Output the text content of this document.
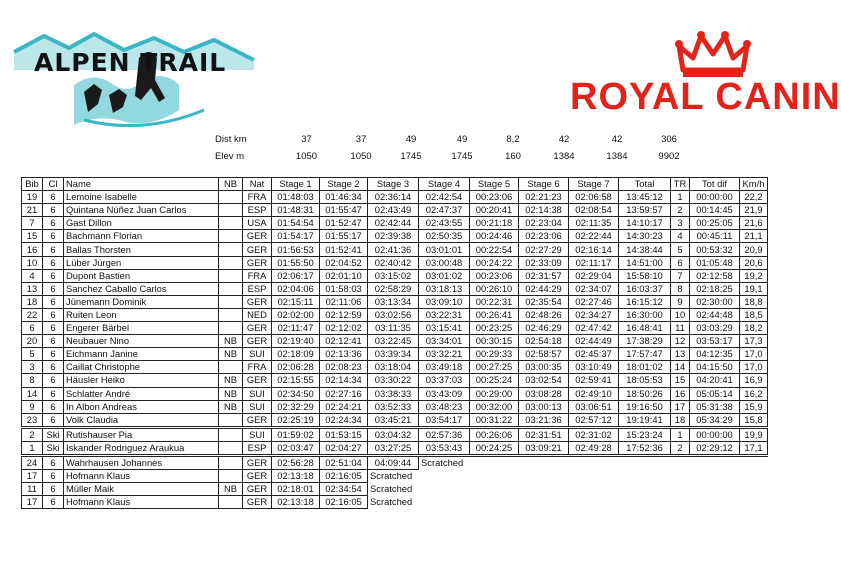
ALPEN TRAIL
ROYAL CANIN
Dist km	37	37	49	49	8,2	42	42	306
Elev m	1050	1050	1745	1745	160	1384	1384	9902
Bib	Cl	Name	NB	Nat	Stage 1	Stage 2	Stage 3	Stage 4	Stage 5	Stage 6	Stage 7	Total	TR	Tot dif	Km/h
19	6	Lemoine Isabelle		FRA	01:48:03	01:46:34	02:36:14	02:42:54	00:23:06	02:21:23	02:06:58	13:45:12	1	00:00:00	22,2
21	6	Quintana Núñez Juan Carlos		ESP	01:48:31	01:55:47	02:43:49	02:47:37	00:20:41	02:14:38	02:08:54	13:59:57	2	00:14:45	21,9
7	6	Gast Dillon		USA	01:54:54	01:52:47	02:42:44	02:43:55	00:21:18	02:23:04	02:11:35	14:10:17	3	00:25:05	21,6
15	6	Bachmann Florian		GER	01:54:17	01:55:17	02:39:38	02:50:35	00:24:46	02:23:06	02:22:44	14:30:23	4	00:45:11	21,1
16	6	Ballas Thorsten		GER	01:56:53	01:52:41	02:41:36	03:01:01	00:22:54	02:27:29	02:16:14	14:38:44	5	00:53:32	20,9
10	6	Lüber Jürgen		GER	01:55:50	02:04:52	02:40:42	03:00:48	00:24:22	02:33:09	02:11:17	14:51:00	6	01:05:48	20,6
4	6	Dupont Bastien		FRA	02:06:17	02:01:10	03:15:02	03:01:02	00:23:06	02:31:57	02:29:04	15:58:10	7	02:12:58	19,2
13	6	Sanchez Caballo Carlos		ESP	02:04:06	01:58:03	02:58:29	03:18:13	00:26:10	02:44:29	02:34:07	16:03:37	8	02:18:25	19,1
18	6	Jünemann Dominik		GER	02:15:11	02:11:06	03:13:34	03:09:10	00:22:31	02:35:54	02:27:46	16:15:12	9	02:30:00	18,8
22	6	Ruiten Leon		NED	02:02:00	02:12:59	03:02:56	03:22:31	00:26:41	02:48:26	02:34:27	16:30:00	10	02:44:48	18,5
6	6	Engerer Bärbel		GER	02:11:47	02:12:02	03:11:35	03:15:41	00:23:25	02:46:29	02:47:42	16:48:41	11	03:03:29	18,2
20	6	Neubauer Nino	NB	GER	02:19:40	02:12:41	03:22:45	03:34:01	00:30:15	02:54:18	02:44:49	17:38:29	12	03:53:17	17,3
5	6	Eichmann Janine	NB	SUI	02:18:09	02:13:36	03:39:34	03:32:21	00:29:33	02:58:57	02:45:37	17:57:47	13	04:12:35	17,0
3	6	Caillat Christophe		FRA	02:06:28	02:08:23	03:18:04	03:49:18	00:27:25	03:00:35	03:10:49	18:01:02	14	04:15:50	17,0
8	6	Häusler Heiko	NB	GER	02:15:55	02:14:34	03:30:22	03:37:03	00:25:24	03:02:54	02:59:41	18:05:53	15	04:20:41	16,9
14	6	Schlatter André	NB	SUI	02:34:50	02:27:16	03:38:33	03:43:09	00:29:00	03:08:28	02:49:10	18:50:26	16	05:05:14	16,2
9	6	In Albon Andreas	NB	SUI	02:32:29	02:24:21	03:52:33	03:48:23	00:32:00	03:00:13	03:06:51	19:16:50	17	05:31:38	15,9
23	6	Volk Claudia		GER	02:25:19	02:24:34	03:45:21	03:54:17	00:31:22	03:21:36	02:57:12	19:19:41	18	05:34:29	15,8
2	Ski	Rutishauser Pia		SUI	01:59:02	01:53:15	03:04:32	02:57:36	00:26:06	02:31:51	02:31:02	15:23:24	1	00:00:00	19,9
1	Ski	Iskander Rodriguez Araukua		ESP	02:03:47	02:04:27	03:27:25	03:53:43	00:24:25	03:09:21	02:49:28	17:52:36	2	02:29:12	17,1
24	6	Wahrhausen Johannes		GER	02:56:28	02:51:04	04:09:44	Scratched							
17	6	Hofmann Klaus		GER	02:13:18	02:16:05	Scratched								
11	6	Müller Maik	NB	GER	02:18:01	02:34:54	Scratched								
17	6	Hofmann Klaus		GER	02:13:18	02:16:05	Scratched								
